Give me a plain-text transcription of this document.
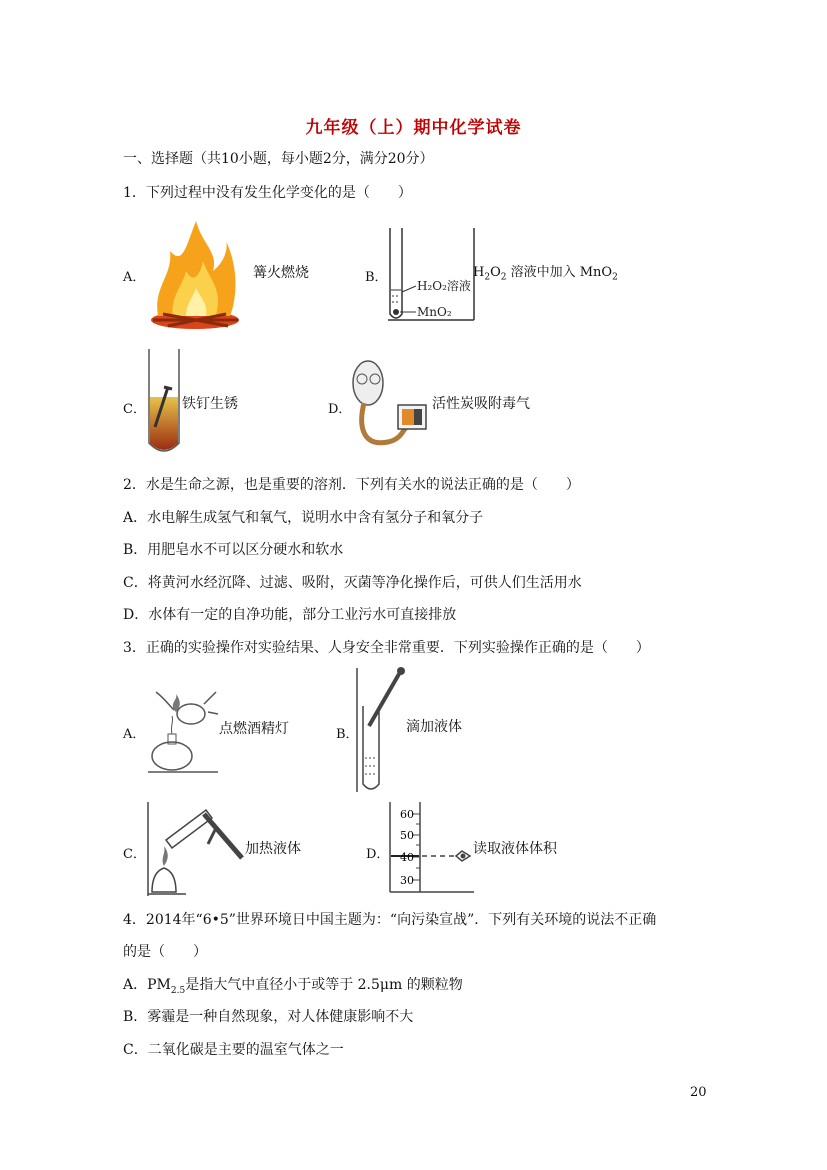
九年级（上）期中化学试卷
一、选择题（共10小题，每小题2分，满分20分）
1．下列过程中没有发生化学变化的是（　　）
A．	篝火燃烧	B．
H₂O₂溶液
MnO₂
$H_2O_2$ 溶液中加入 MnO$_2$
C．	铁钉生锈	D．	活性炭吸附毒气
2．水是生命之源，也是重要的溶剂．下列有关水的说法正确的是（　　）
A．水电解生成氢气和氧气，说明水中含有氢分子和氧分子
B．用肥皂水不可以区分硬水和软水
C．将黄河水经沉降、过滤、吸附，灭菌等净化操作后，可供人们生活用水
D．水体有一定的自净功能，部分工业污水可直接排放
3．正确的实验操作对实验结果、人身安全非常重要．下列实验操作正确的是（　　）
A．	点燃酒精灯	B．	滴加液体
C．	加热液体	D．
60
50
40
30
读取液体体积
4．2014年“6•5”世界环境日中国主题为：“向污染宣战”．下列有关环境的说法不正确
的是（　　）
A．$PM_{2.5}$是指大气中直径小于或等于 2.5μm 的颗粒物
B．雾霾是一种自然现象，对人体健康影响不大
C．二氧化碳是主要的温室气体之一
20
